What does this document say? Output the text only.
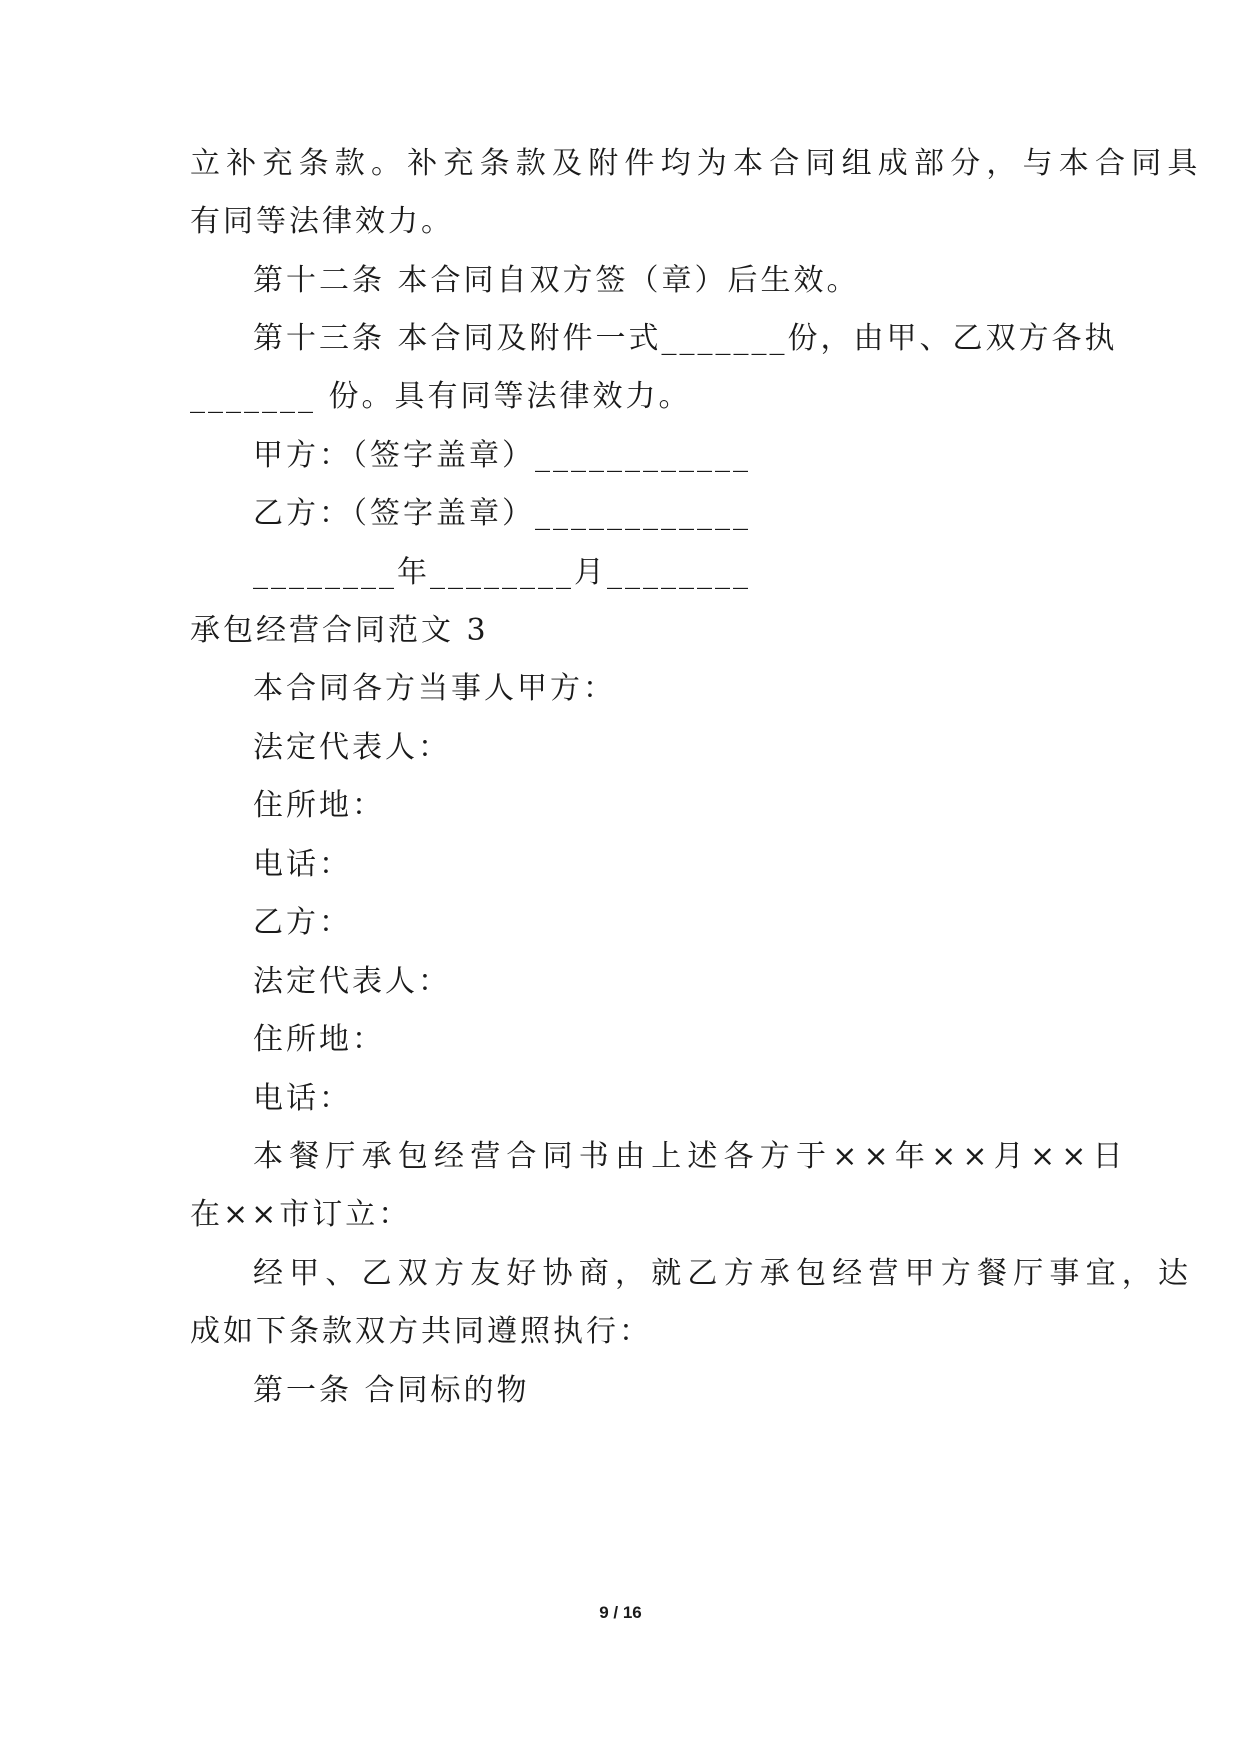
立补充条款。补充条款及附件均为本合同组成部分，与本合同具
有同等法律效力。
第十二条 本合同自双方签（章）后生效。
第十三条 本合同及附件一式_______份，由甲、乙双方各执
_______ 份。具有同等法律效力。
甲方：（签字盖章）____________
乙方：（签字盖章）____________
________年________月________
承包经营合同范文 3
本合同各方当事人甲方：
法定代表人：
住所地：
电话：
乙方：
法定代表人：
住所地：
电话：
本餐厅承包经营合同书由上述各方于××年××月××日
在××市订立：
经甲、乙双方友好协商，就乙方承包经营甲方餐厅事宜，达
成如下条款双方共同遵照执行：
第一条 合同标的物
9 / 16
